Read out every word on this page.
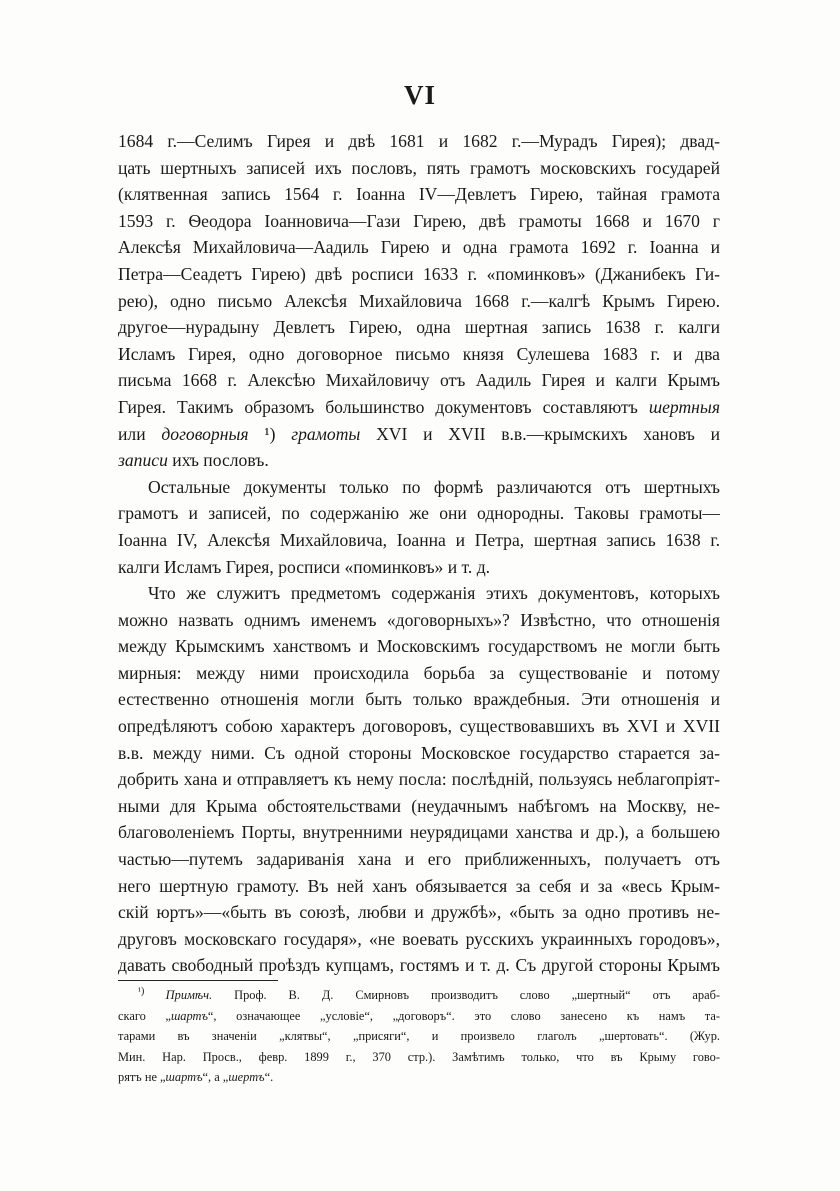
VI
1684 г.—Селимъ Гирея и двѣ 1681 и 1682 г.—Мурадъ Гирея); двад-
цать шертныхъ записей ихъ пословъ, пять грамотъ московскихъ государей
(клятвенная запись 1564 г. Іоанна IV—Девлетъ Гирею, тайная грамота
1593 г. Ѳеодора Іоанновича—Гази Гирею, двѣ грамоты 1668 и 1670 г
Алексѣя Михайловича—Аадиль Гирею и одна грамота 1692 г. Іоанна и
Петра—Сеадетъ Гирею) двѣ росписи 1633 г. «поминковъ» (Джанибекъ Ги-
рею), одно письмо Алексѣя Михайловича 1668 г.—калгѣ Крымъ Гирею.
другое—нурадыну Девлетъ Гирею, одна шертная запись 1638 г. калги
Исламъ Гирея, одно договорное письмо князя Сулешева 1683 г. и два
письма 1668 г. Алексѣю Михайловичу отъ Аадиль Гирея и калги Крымъ
Гирея. Такимъ образомъ большинство документовъ составляютъ шертныя
или договорныя ¹) грамоты XVI и XVII в.в.—крымскихъ хановъ и
записи ихъ пословъ.
Остальные документы только по формѣ различаются отъ шертныхъ
грамотъ и записей, по содержанію же они однородны. Таковы грамоты—
Іоанна IV, Алексѣя Михайловича, Іоанна и Петра, шертная запись 1638 г.
калги Исламъ Гирея, росписи «поминковъ» и т. д.
Что же служитъ предметомъ содержанія этихъ документовъ, которыхъ
можно назвать однимъ именемъ «договорныхъ»? Извѣстно, что отношенія
между Крымскимъ ханствомъ и Московскимъ государствомъ не могли быть
мирныя: между ними происходила борьба за существованіе и потому
естественно отношенія могли быть только враждебныя. Эти отношенія и
опредѣляютъ собою характеръ договоровъ, существовавшихъ въ XVI и XVII
в.в. между ними. Съ одной стороны Московское государство старается за-
добрить хана и отправляетъ къ нему посла: послѣдній, пользуясь неблагопріят-
ными для Крыма обстоятельствами (неудачнымъ набѣгомъ на Москву, не-
благоволеніемъ Порты, внутренними неурядицами ханства и др.), а большею
частью—путемъ задариванія хана и его приближенныхъ, получаетъ отъ
него шертную грамоту. Въ ней ханъ обязывается за себя и за «весь Крым-
скій юртъ»—«быть въ союзѣ, любви и дружбѣ», «быть за одно противъ не-
друговъ московскаго государя», «не воевать русскихъ украинныхъ городовъ»,
давать свободный проѣздъ купцамъ, гостямъ и т. д. Съ другой стороны Крымъ
$^{^1)}$ Примѣч. Проф. В. Д. Смирновъ производитъ слово „шертный“ отъ араб-
скаго „шартъ“, означающее „условіе“, „договоръ“. это слово занесено къ намъ та-
тарами въ значеніи „клятвы“, „присяги“, и произвело глаголъ „шертовать“. (Жур.
Мин. Нар. Просв., февр. 1899 г., 370 стр.). Замѣтимъ только, что въ Крыму гово-
рятъ не „шартъ“, а „шертъ“.
